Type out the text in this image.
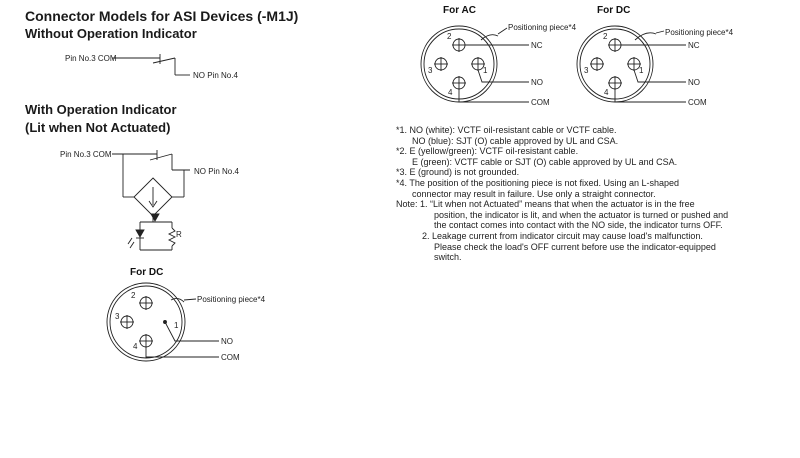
Connector Models for ASI Devices (-M1J)
Without Operation Indicator
Pin No.3 COM
NO Pin No.4
With Operation Indicator
(Lit when Not Actuated)
Pin No.3 COM
NO Pin No.4
R
For DC
Positioning piece*4
2
3
1
4
NO
COM
For AC	For DC
Positioning piece*4
NC
NO
COM
2
3	1
4
Positioning piece*4
NC
NO
COM
2
3	1
4
*1. NO (white): VCTF oil-resistant cable or VCTF cable.
NO (blue): SJT (O) cable approved by UL and CSA.
*2. E (yellow/green): VCTF oil-resistant cable.
E (green): VCTF cable or SJT (O) cable approved by UL and CSA.
*3. E (ground) is not grounded.
*4. The position of the positioning piece is not fixed. Using an L-shaped
connector may result in failure. Use only a straight connector.
Note: 1. “Lit when not Actuated” means that when the actuator is in the free
position, the indicator is lit, and when the actuator is turned or pushed and
the contact comes into contact with the NO side, the indicator turns OFF.
2. Leakage current from indicator circuit may cause load's malfunction.
Please check the load's OFF current before use the indicator-equipped
switch.
